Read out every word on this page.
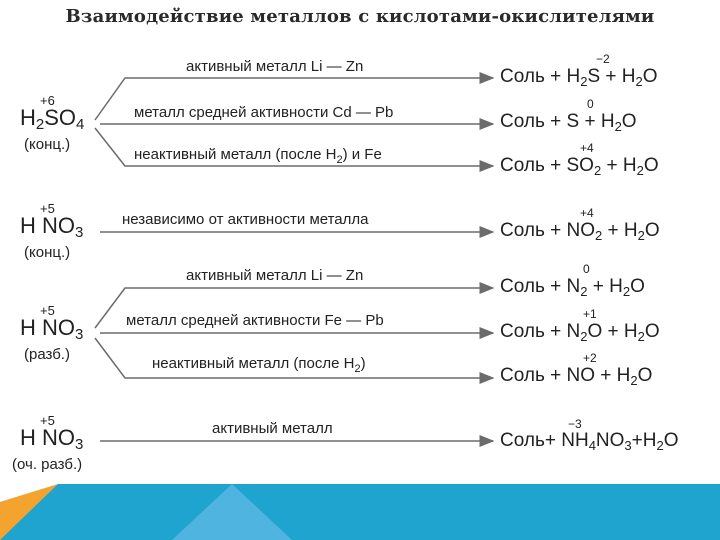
Взаимодействие металлов с кислотами-окислителями
+6
$H_2SO_4$
(конц.)
+5
H $NO_3$
(конц.)
+5
H $NO_3$
(разб.)
+5
H $NO_3$
(оч. разб.)
активный металл Li — Zn
металл средней активности Cd — Pb
неактивный металл (после $H_2$) и Fe
независимо от активности металла
активный металл Li — Zn
металл средней активности Fe — Pb
неактивный металл (после $H_2$)
активный металл
−2
0
+4
+4
0
+1
+2
−3
Соль + $H_2S + H_2O$
Соль + $S + H_2O$
Соль + $SO_2 + H_2O$
Соль + $NO_2 + H_2O$
Соль + $N_2 + H_2O$
Соль + $N_2O + H_2O$
Соль + NO + $H_2O$
Соль+ $NH_4NO_3+H_2O$
